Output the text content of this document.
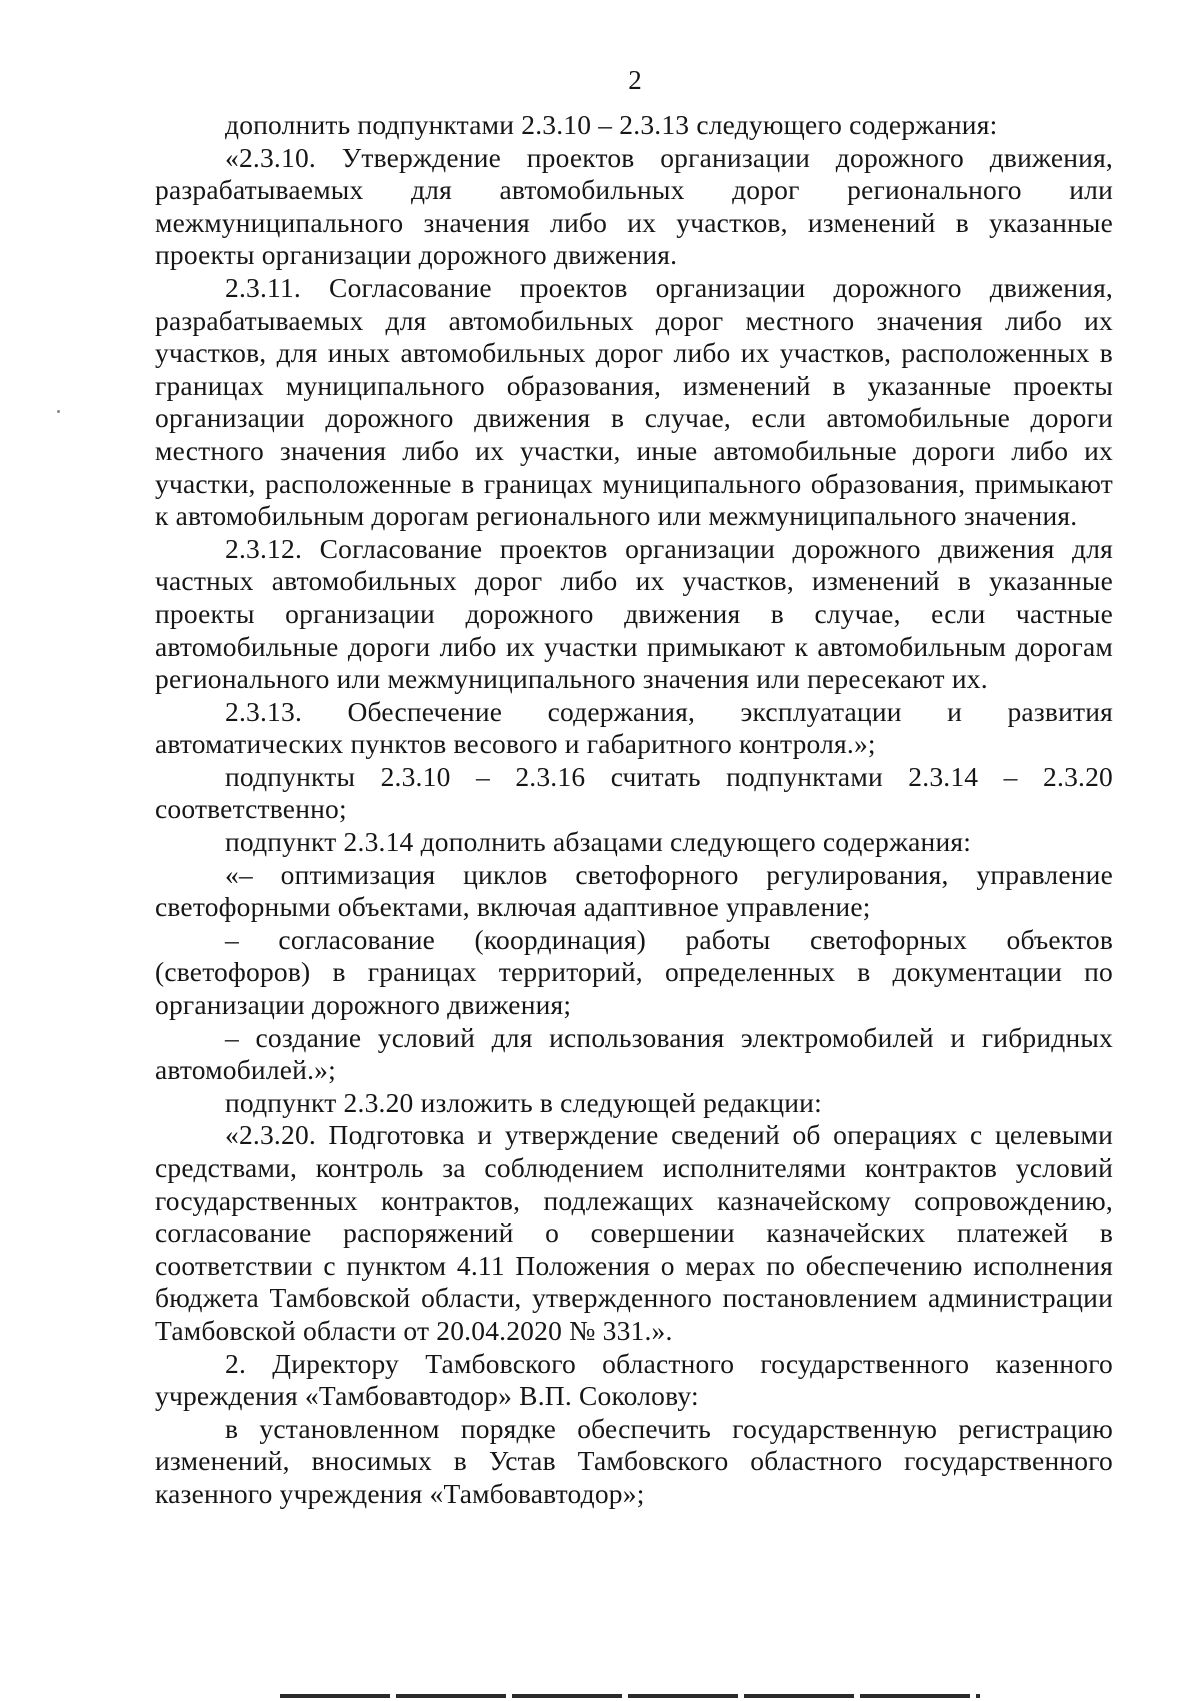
2

дополнить подпунктами 2.3.10 – 2.3.13 следующего содержания:

«2.3.10. Утверждение проектов организации дорожного движения, разрабатываемых для автомобильных дорог регионального или межмуниципального значения либо их участков, изменений в указанные проекты организации дорожного движения.

2.3.11. Согласование проектов организации дорожного движения, разрабатываемых для автомобильных дорог местного значения либо их участков, для иных автомобильных дорог либо их участков, расположенных в границах муниципального образования, изменений в указанные проекты организации дорожного движения в случае, если автомобильные дороги местного значения либо их участки, иные автомобильные дороги либо их участки, расположенные в границах муниципального образования, примыкают к автомобильным дорогам регионального или межмуниципального значения.

2.3.12. Согласование проектов организации дорожного движения для частных автомобильных дорог либо их участков, изменений в указанные проекты организации дорожного движения в случае, если частные автомобильные дороги либо их участки примыкают к автомобильным дорогам регионального или межмуниципального значения или пересекают их.

2.3.13. Обеспечение содержания, эксплуатации и развития автоматических пунктов весового и габаритного контроля.»;

подпункты 2.3.10 – 2.3.16 считать подпунктами 2.3.14 – 2.3.20 соответственно;

подпункт 2.3.14 дополнить абзацами следующего содержания:

«– оптимизация циклов светофорного регулирования, управление светофорными объектами, включая адаптивное управление;

– согласование (координация) работы светофорных объектов (светофоров) в границах территорий, определенных в документации по организации дорожного движения;

– создание условий для использования электромобилей и гибридных автомобилей.»;

подпункт 2.3.20 изложить в следующей редакции:

«2.3.20. Подготовка и утверждение сведений об операциях с целевыми средствами, контроль за соблюдением исполнителями контрактов условий государственных контрактов, подлежащих казначейскому сопровождению, согласование распоряжений о совершении казначейских платежей в соответствии с пунктом 4.11 Положения о мерах по обеспечению исполнения бюджета Тамбовской области, утвержденного постановлением администрации Тамбовской области от 20.04.2020 № 331.».

2. Директору Тамбовского областного государственного казенного учреждения «Тамбовавтодор» В.П. Соколову:

в установленном порядке обеспечить государственную регистрацию изменений, вносимых в Устав Тамбовского областного государственного казенного учреждения «Тамбовавтодор»;
